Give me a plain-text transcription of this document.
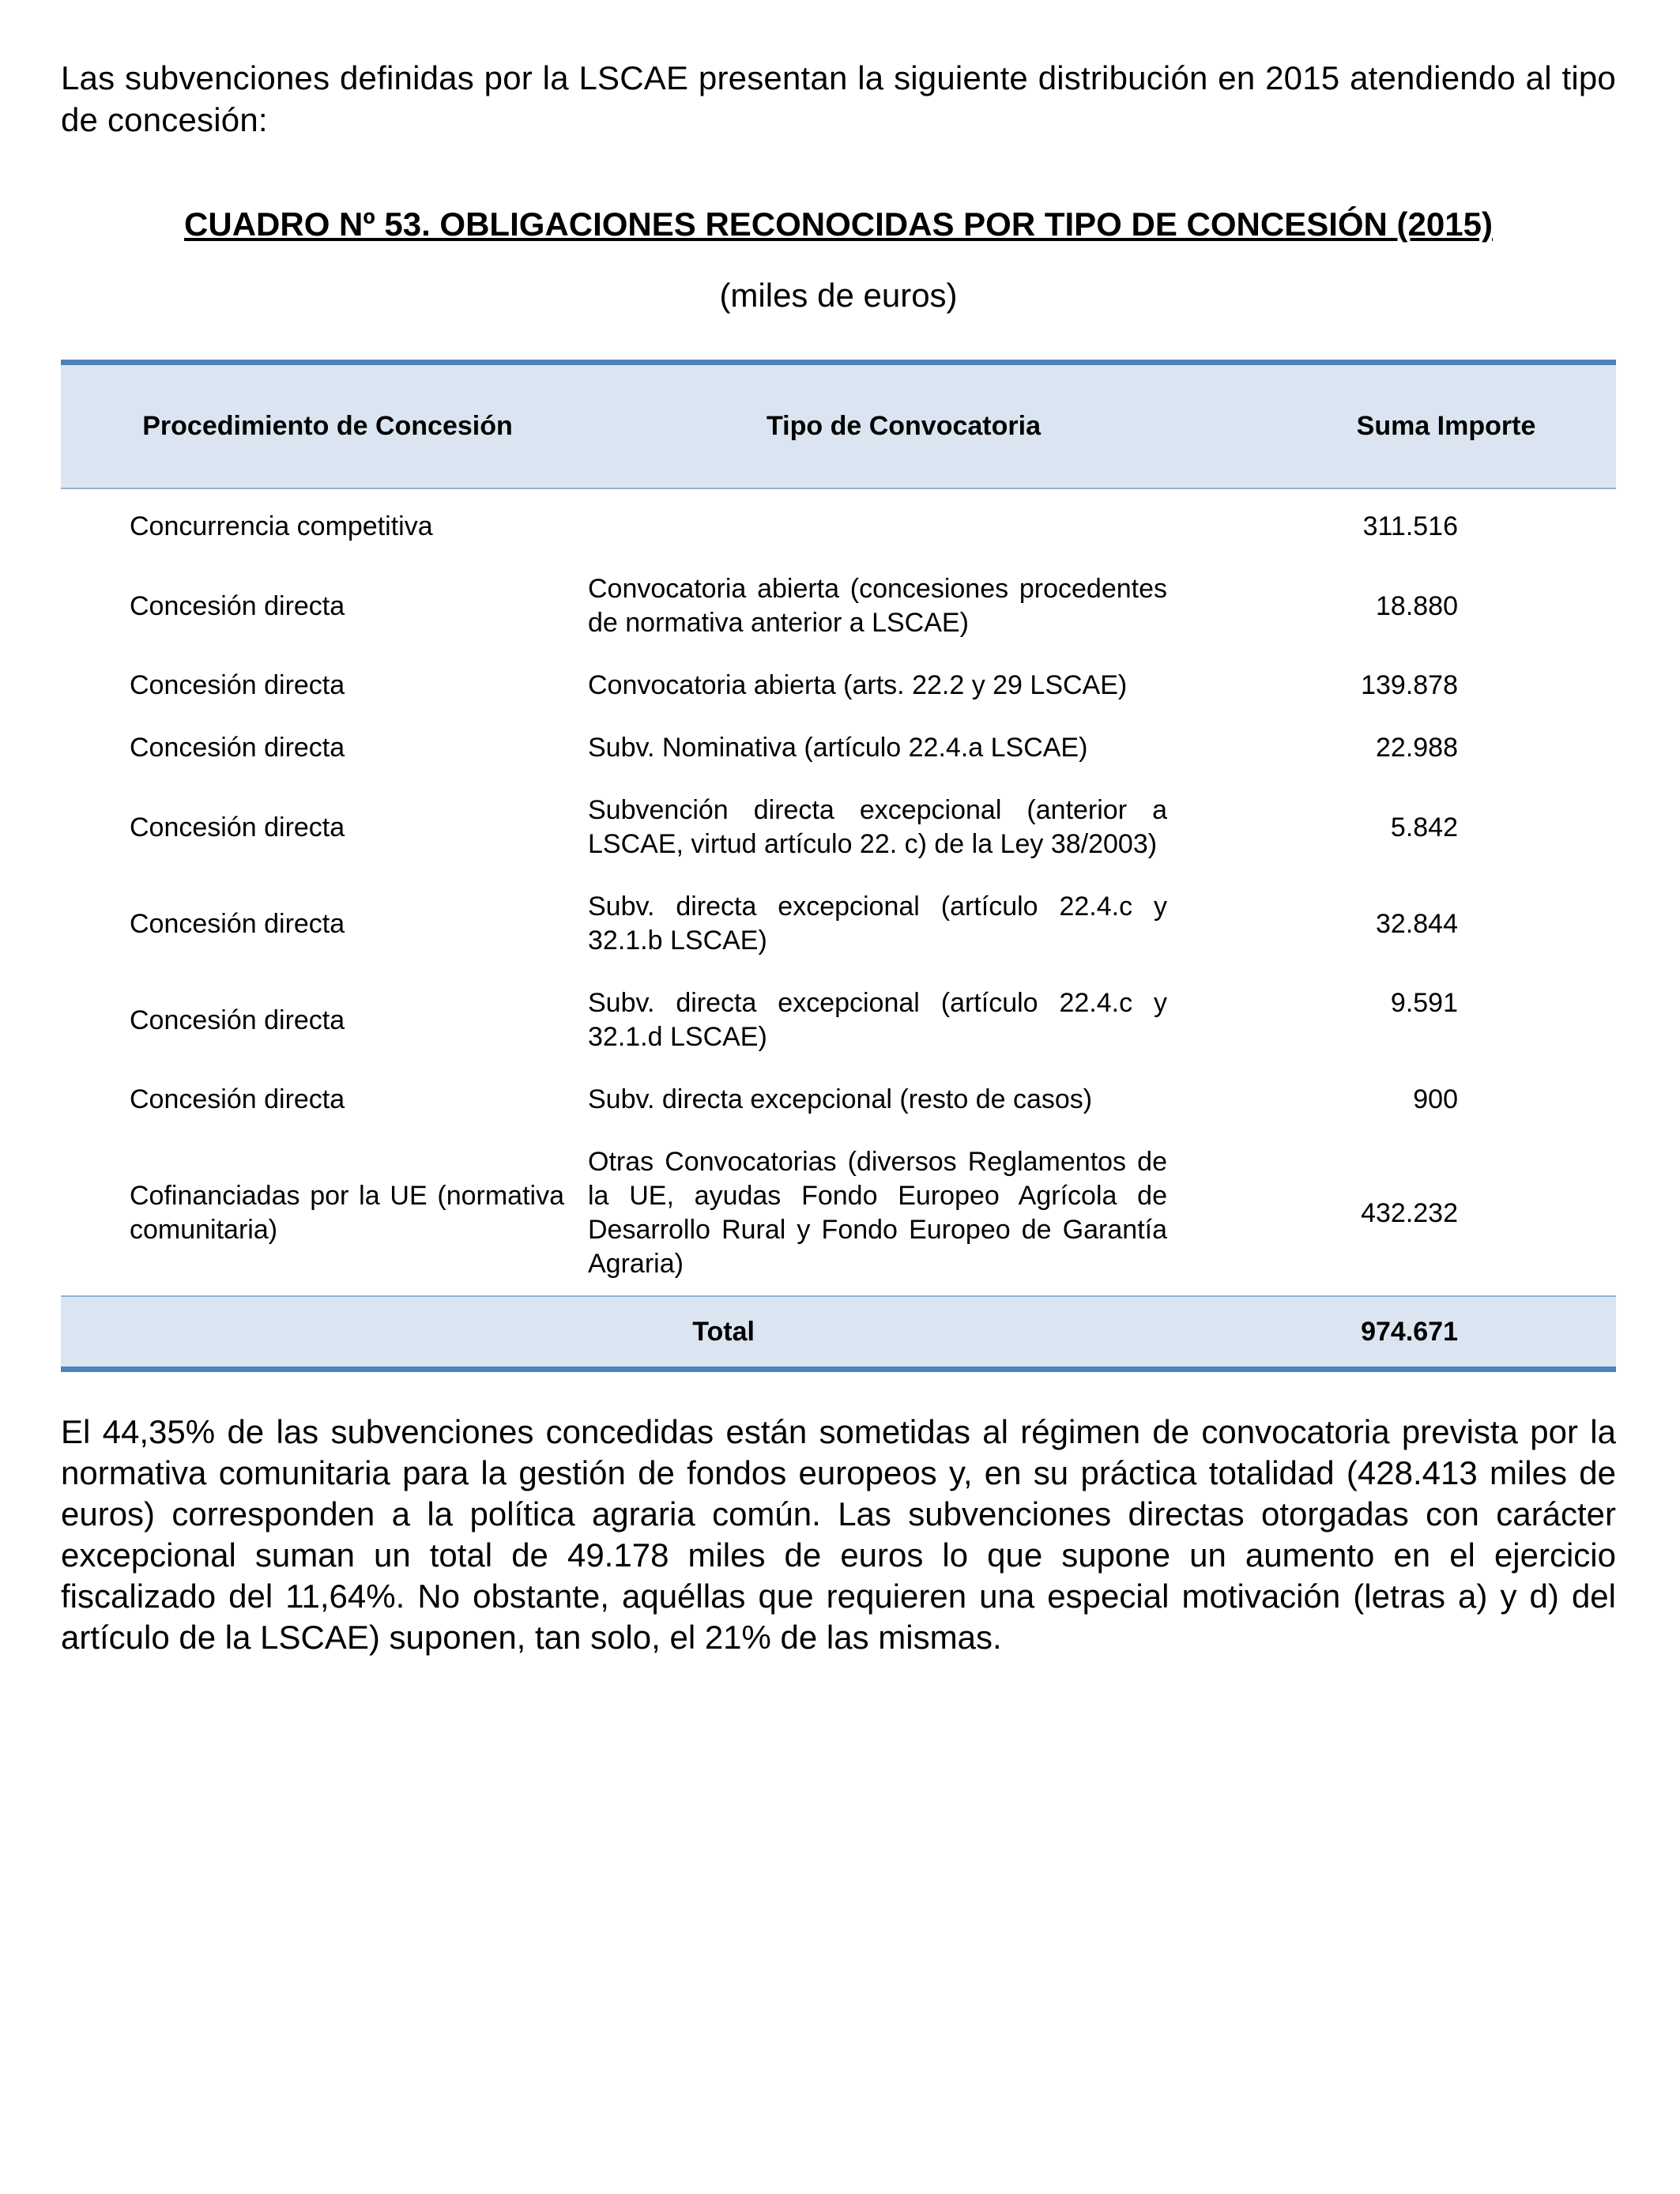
Las subvenciones definidas por la LSCAE presentan la siguiente distribución en 2015 atendiendo al tipo de concesión:

CUADRO Nº 53. OBLIGACIONES RECONOCIDAS POR TIPO DE CONCESIÓN (2015)
(miles de euros)
Procedimiento de Concesión	Tipo de Convocatoria	Suma Importe
Concurrencia competitiva		311.516
Concesión directa	Convocatoria abierta (concesiones procedentes de normativa anterior a LSCAE)	18.880
Concesión directa	Convocatoria abierta (arts. 22.2 y 29 LSCAE)	139.878
Concesión directa	Subv. Nominativa (artículo 22.4.a LSCAE)	22.988
Concesión directa	Subvención directa excepcional (anterior a LSCAE, virtud artículo 22. c) de la Ley 38/2003)	5.842
Concesión directa	Subv. directa excepcional (artículo 22.4.c y 32.1.b LSCAE)	32.844
Concesión directa	Subv. directa excepcional (artículo 22.4.c y 32.1.d LSCAE)	9.591
Concesión directa	Subv. directa excepcional (resto de casos)	900
Cofinanciadas por la UE (normativa comunitaria)	Otras Convocatorias (diversos Reglamentos de la UE, ayudas Fondo Europeo Agrícola de Desarrollo Rural y Fondo Europeo de Garantía Agraria)	432.232
Total		974.671

El 44,35% de las subvenciones concedidas están sometidas al régimen de convocatoria prevista por la normativa comunitaria para la gestión de fondos europeos y, en su práctica totalidad (428.413 miles de euros) corresponden a la política agraria común. Las subvenciones directas otorgadas con carácter excepcional suman un total de 49.178 miles de euros lo que supone un aumento en el ejercicio fiscalizado del 11,64%. No obstante, aquéllas que requieren una especial motivación (letras a) y d) del artículo de la LSCAE) suponen, tan solo, el 21% de las mismas.
